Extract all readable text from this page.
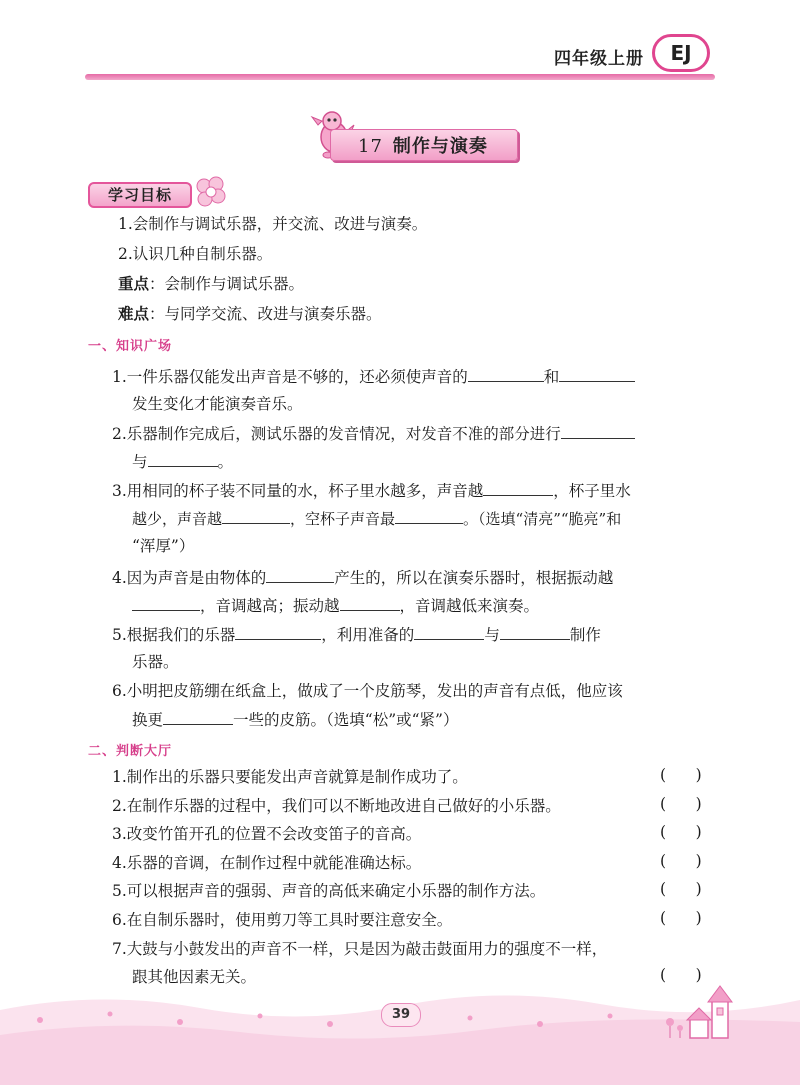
四年级上册	EJ
17 制作与演奏
学习目标
1.会制作与调试乐器，并交流、改进与演奏。
2.认识几种自制乐器。
重点：会制作与调试乐器。
难点：与同学交流、改进与演奏乐器。
一、知识广场
1.一件乐器仅能发出声音是不够的，还必须使声音的	和
发生变化才能演奏音乐。
2.乐器制作完成后，测试乐器的发音情况，对发音不准的部分进行
与	。
3.用相同的杯子装不同量的水，杯子里水越多，声音越	，杯子里水
越少，声音越	，空杯子声音最	。（选填“清亮”“脆亮”和
“浑厚”）
4.因为声音是由物体的	产生的，所以在演奏乐器时，根据振动越
，音调越高；振动越	，音调越低来演奏。
5.根据我们的乐器	，利用准备的	与	制作
乐器。
6.小明把皮筋绷在纸盒上，做成了一个皮筋琴，发出的声音有点低，他应该
换更	一些的皮筋。（选填“松”或“紧”）
二、判断大厅
1.制作出的乐器只要能发出声音就算是制作成功了。	(      )
2.在制作乐器的过程中，我们可以不断地改进自己做好的小乐器。	(      )
3.改变竹笛开孔的位置不会改变笛子的音高。	(      )
4.乐器的音调，在制作过程中就能准确达标。	(      )
5.可以根据声音的强弱、声音的高低来确定小乐器的制作方法。	(      )
6.在自制乐器时，使用剪刀等工具时要注意安全。	(      )
7.大鼓与小鼓发出的声音不一样，只是因为敲击鼓面用力的强度不一样，
跟其他因素无关。	(      )
39
